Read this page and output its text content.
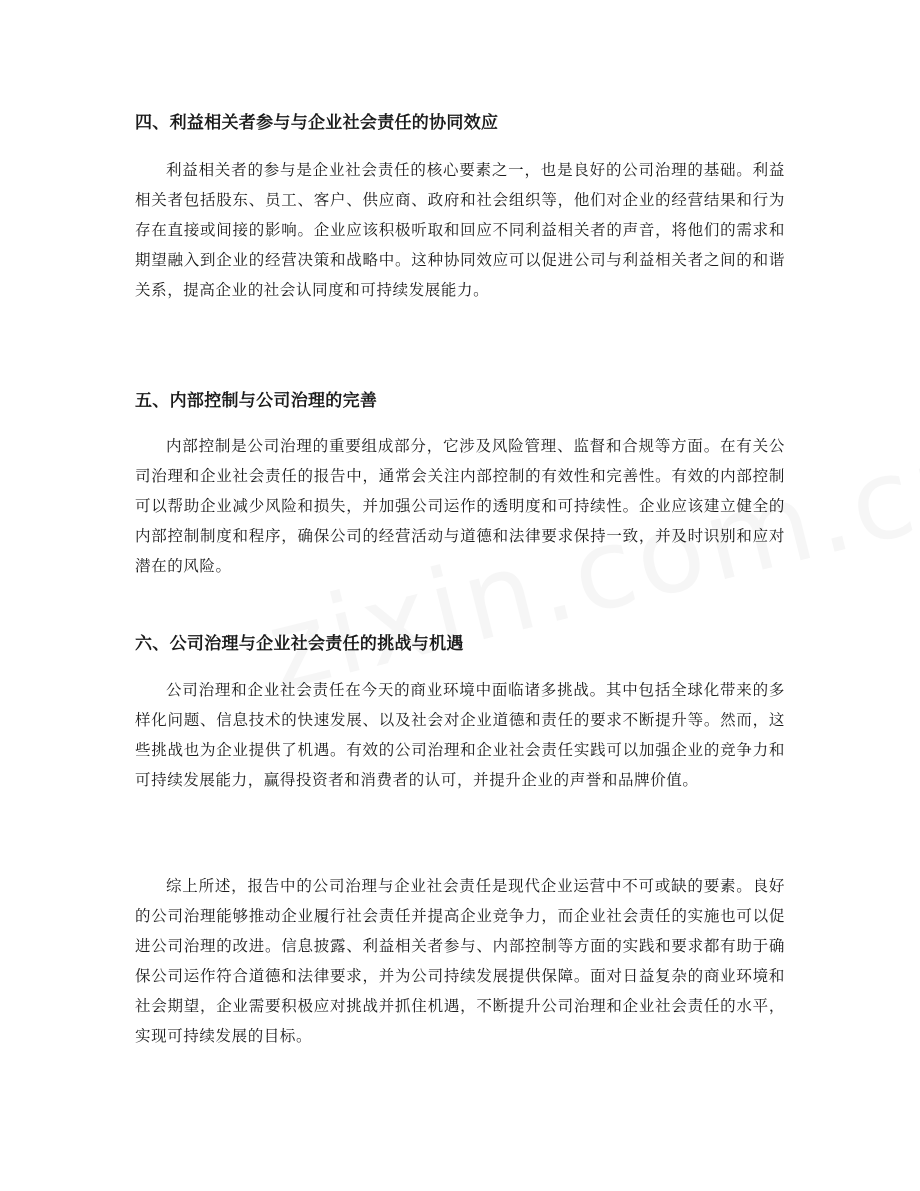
四、利益相关者参与与企业社会责任的协同效应

利益相关者的参与是企业社会责任的核心要素之一，也是良好的公司治理的基础。利益相关者包括股东、员工、客户、供应商、政府和社会组织等，他们对企业的经营结果和行为存在直接或间接的影响。企业应该积极听取和回应不同利益相关者的声音，将他们的需求和期望融入到企业的经营决策和战略中。这种协同效应可以促进公司与利益相关者之间的和谐关系，提高企业的社会认同度和可持续发展能力。

五、内部控制与公司治理的完善

内部控制是公司治理的重要组成部分，它涉及风险管理、监督和合规等方面。在有关公司治理和企业社会责任的报告中，通常会关注内部控制的有效性和完善性。有效的内部控制可以帮助企业减少风险和损失，并加强公司运作的透明度和可持续性。企业应该建立健全的内部控制制度和程序，确保公司的经营活动与道德和法律要求保持一致，并及时识别和应对潜在的风险。

六、公司治理与企业社会责任的挑战与机遇

公司治理和企业社会责任在今天的商业环境中面临诸多挑战。其中包括全球化带来的多样化问题、信息技术的快速发展、以及社会对企业道德和责任的要求不断提升等。然而，这些挑战也为企业提供了机遇。有效的公司治理和企业社会责任实践可以加强企业的竞争力和可持续发展能力，赢得投资者和消费者的认可，并提升企业的声誉和品牌价值。

综上所述，报告中的公司治理与企业社会责任是现代企业运营中不可或缺的要素。良好的公司治理能够推动企业履行社会责任并提高企业竞争力，而企业社会责任的实施也可以促进公司治理的改进。信息披露、利益相关者参与、内部控制等方面的实践和要求都有助于确保公司运作符合道德和法律要求，并为公司持续发展提供保障。面对日益复杂的商业环境和社会期望，企业需要积极应对挑战并抓住机遇，不断提升公司治理和企业社会责任的水平，实现可持续发展的目标。
